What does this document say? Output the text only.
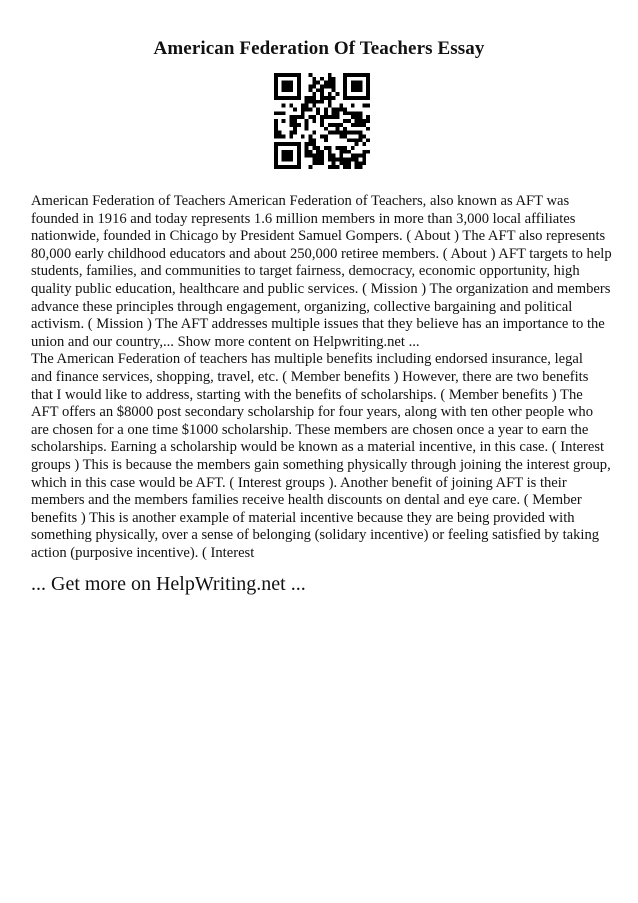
American Federation Of Teachers Essay
American Federation of Teachers American Federation of Teachers, also known as AFT was
founded in 1916 and today represents 1.6 million members in more than 3,000 local affiliates
nationwide, founded in Chicago by President Samuel Gompers. ( About ) The AFT also represents
80,000 early childhood educators and about 250,000 retiree members. ( About ) AFT targets to help
students, families, and communities to target fairness, democracy, economic opportunity, high
quality public education, healthcare and public services. ( Mission ) The organization and members
advance these principles through engagement, organizing, collective bargaining and political
activism. ( Mission ) The AFT addresses multiple issues that they believe has an importance to the
union and our country,... Show more content on Helpwriting.net ...
The American Federation of teachers has multiple benefits including endorsed insurance, legal
and finance services, shopping, travel, etc. ( Member benefits ) However, there are two benefits
that I would like to address, starting with the benefits of scholarships. ( Member benefits ) The
AFT offers an $8000 post secondary scholarship for four years, along with ten other people who
are chosen for a one time $1000 scholarship. These members are chosen once a year to earn the
scholarships. Earning a scholarship would be known as a material incentive, in this case. ( Interest
groups ) This is because the members gain something physically through joining the interest group,
which in this case would be AFT. ( Interest groups ). Another benefit of joining AFT is their
members and the members families receive health discounts on dental and eye care. ( Member
benefits ) This is another example of material incentive because they are being provided with
something physically, over a sense of belonging (solidary incentive) or feeling satisfied by taking
action (purposive incentive). ( Interest
... Get more on HelpWriting.net ...
